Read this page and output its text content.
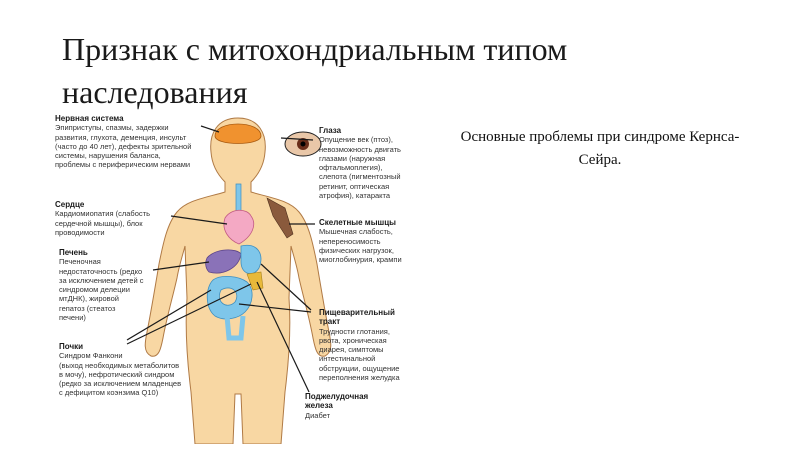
Признак с митохондриальным типом
наследования
Основные проблемы при синдроме Кернса-Сейра.
Нервная система
Эпиприступы, спазмы, задержки
развития, глухота, деменция, инсульт
(часто до 40 лет), дефекты зрительной
системы, нарушения баланса,
проблемы с периферическим нервами
Сердце
Кардиомиопатия (слабость
сердечной мышцы), блок
проводимости
Печень
Печеночная
недостаточность (редко
за исключением детей с
синдромом делеции
мтДНК), жировой
гепатоз (стеатоз
печени)
Почки
Синдром Фанкони
(выход необходимых метаболитов
в мочу), нефротический синдром
(редко за исключением младенцев
с дефицитом коэнзима Q10)
Глаза
Опущение век (птоз),
невозможность двигать
глазами (наружная
офтальмоплегия),
слепота (пигментозный
ретинит, оптическая
атрофия), катаракта
Скелетные мышцы
Мышечная слабость,
непереносимость
физических нагрузок,
миоглобинурия, крампи
Пищеварительный
тракт
Трудности глотания,
рвота, хроническая
диарея, симптомы
интестинальной
обструкции, ощущение
переполнения желудка
Поджелудочная
железа
Диабет
